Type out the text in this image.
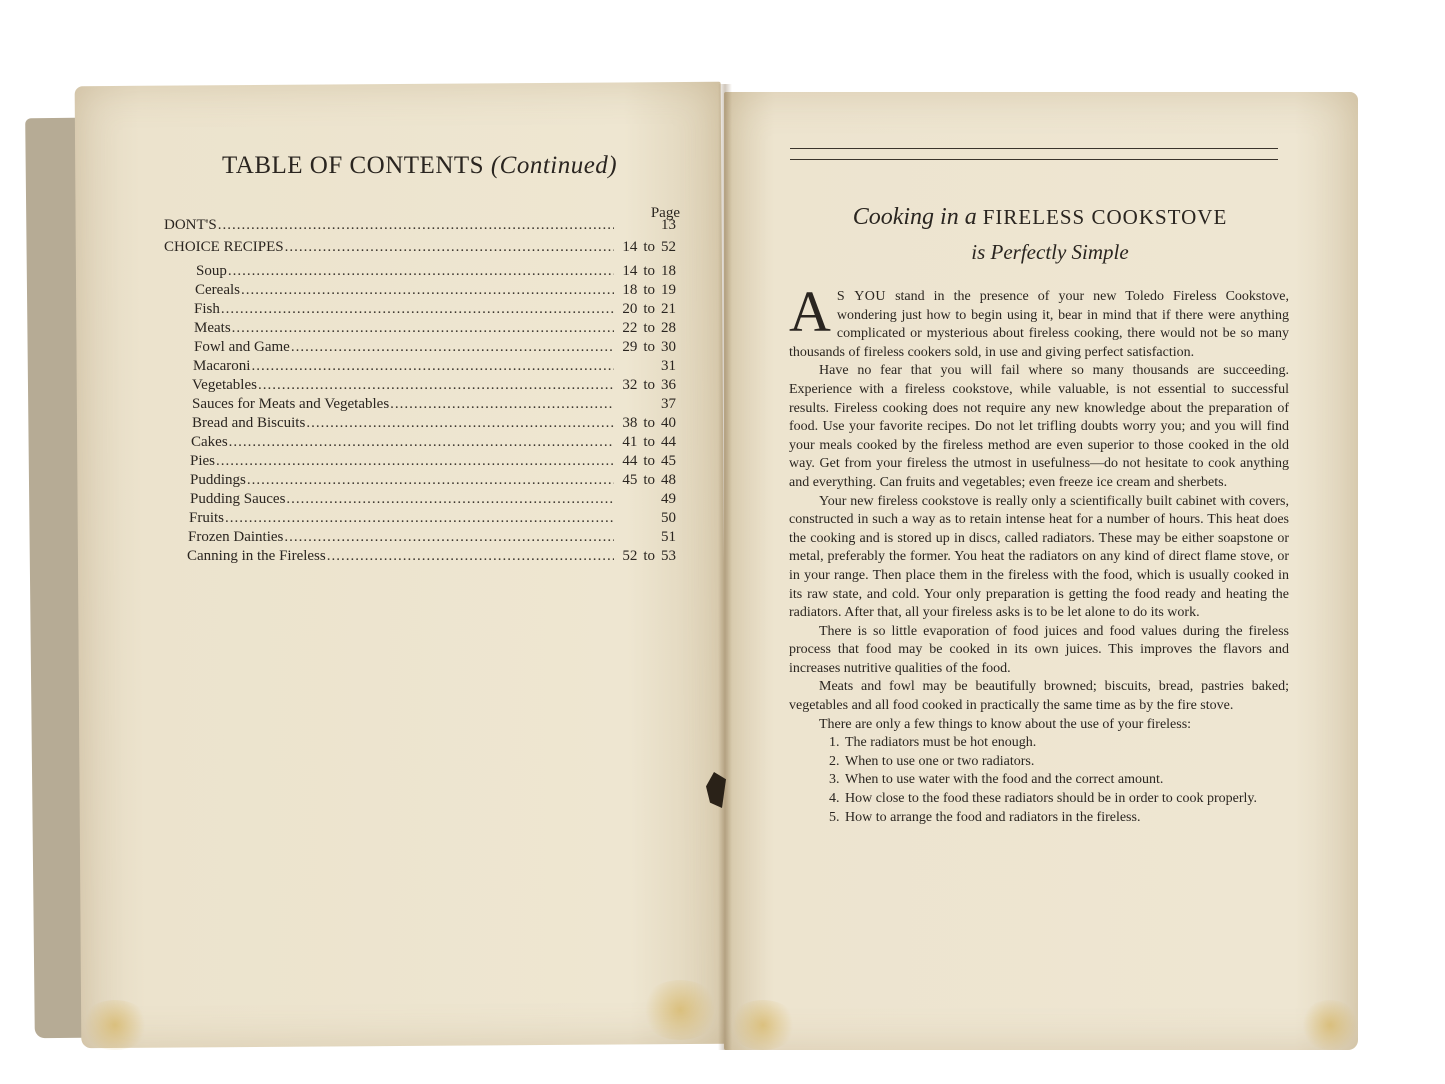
TABLE OF CONTENTS (Continued)
Page
DONT'S .....	13
CHOICE RECIPES .....	14 to 52
Soup .....	14 to 18
Cereals .....	18 to 19
Fish .....	20 to 21
Meats .....	22 to 28
Fowl and Game .....	29 to 30
Macaroni .....	31
Vegetables .....	32 to 36
Sauces for Meats and Vegetables .....	37
Bread and Biscuits .....	38 to 40
Cakes .....	41 to 44
Pies .....	44 to 45
Puddings .....	45 to 48
Pudding Sauces .....	49
Fruits .....	50
Frozen Dainties .....	51
Canning in the Fireless .....	52 to 53
Cooking in a FIRELESS COOKSTOVE
is Perfectly Simple

A S YOU stand in the presence of your new Toledo Fireless Cookstove, wondering just how to begin using it, bear in mind that if there were anything complicated or mysterious about fireless cooking, there would not be so many thousands of fireless cookers sold, in use and giving perfect satisfaction.

Have no fear that you will fail where so many thousands are succeeding. Experience with a fireless cookstove, while valuable, is not essential to successful results. Fireless cooking does not require any new knowledge about the preparation of food. Use your favorite recipes. Do not let trifling doubts worry you; and you will find your meals cooked by the fireless method are even superior to those cooked in the old way. Get from your fireless the utmost in usefulness—do not hesitate to cook anything and everything. Can fruits and vegetables; even freeze ice cream and sherbets.

Your new fireless cookstove is really only a scientifically built cabinet with covers, constructed in such a way as to retain intense heat for a number of hours. This heat does the cooking and is stored up in discs, called radiators. These may be either soapstone or metal, preferably the former. You heat the radiators on any kind of direct flame stove, or in your range. Then place them in the fireless with the food, which is usually cooked in its raw state, and cold. Your only preparation is getting the food ready and heating the radiators. After that, all your fireless asks is to be let alone to do its work.

There is so little evaporation of food juices and food values during the fireless process that food may be cooked in its own juices. This improves the flavors and increases nutritive qualities of the food.

Meats and fowl may be beautifully browned; biscuits, bread, pastries baked; vegetables and all food cooked in practically the same time as by the fire stove.

There are only a few things to know about the use of your fireless:

1. The radiators must be hot enough.
2. When to use one or two radiators.
3. When to use water with the food and the correct amount.
4. How close to the food these radiators should be in order to cook properly.
5. How to arrange the food and radiators in the fireless.
